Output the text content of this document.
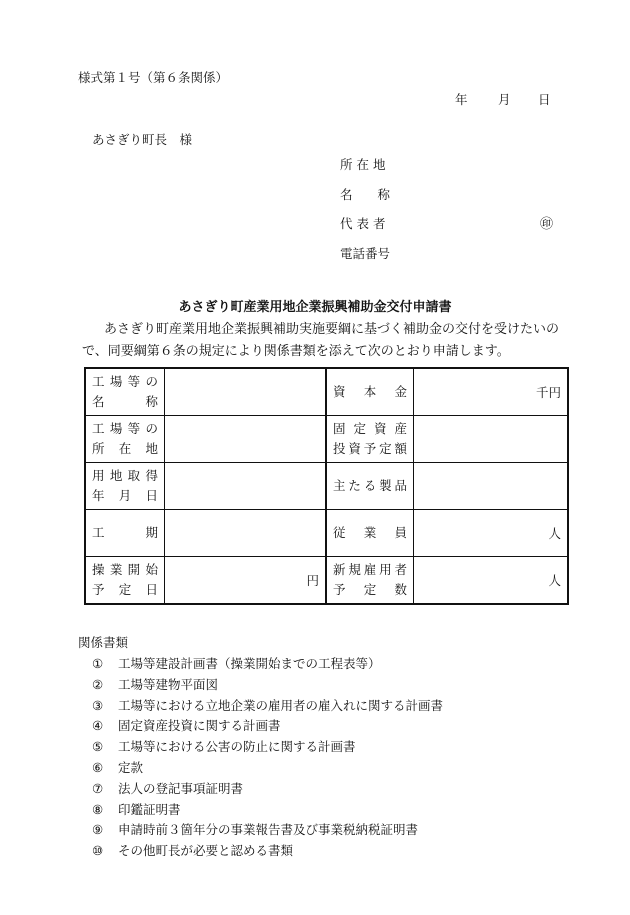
様式第１号（第６条関係）
年 月 日
あさぎり町長　様
所 在 地
名　　称
代 表 者	㊞
電話番号
あさぎり町産業用地企業振興補助金交付申請書
あさぎり町産業用地企業振興補助実施要綱に基づく補助金の交付を受けたいので、同要綱第６条の規定により関係書類を添えて次のとおり申請します。
工場等の
名　　称		資　本　金	千円
工場等の
所 在 地		固定資産
投資予定額	
用地取得
年 月 日		主たる製品	
工　　期		従　業　員	人
操業開始
予 定 日	円	新規雇用者
予　定　数	人
関係書類
① 工場等建設計画書（操業開始までの工程表等）
② 工場等建物平面図
③ 工場等における立地企業の雇用者の雇入れに関する計画書
④ 固定資産投資に関する計画書
⑤ 工場等における公害の防止に関する計画書
⑥ 定款
⑦ 法人の登記事項証明書
⑧ 印鑑証明書
⑨ 申請時前３箇年分の事業報告書及び事業税納税証明書
⑩ その他町長が必要と認める書類
